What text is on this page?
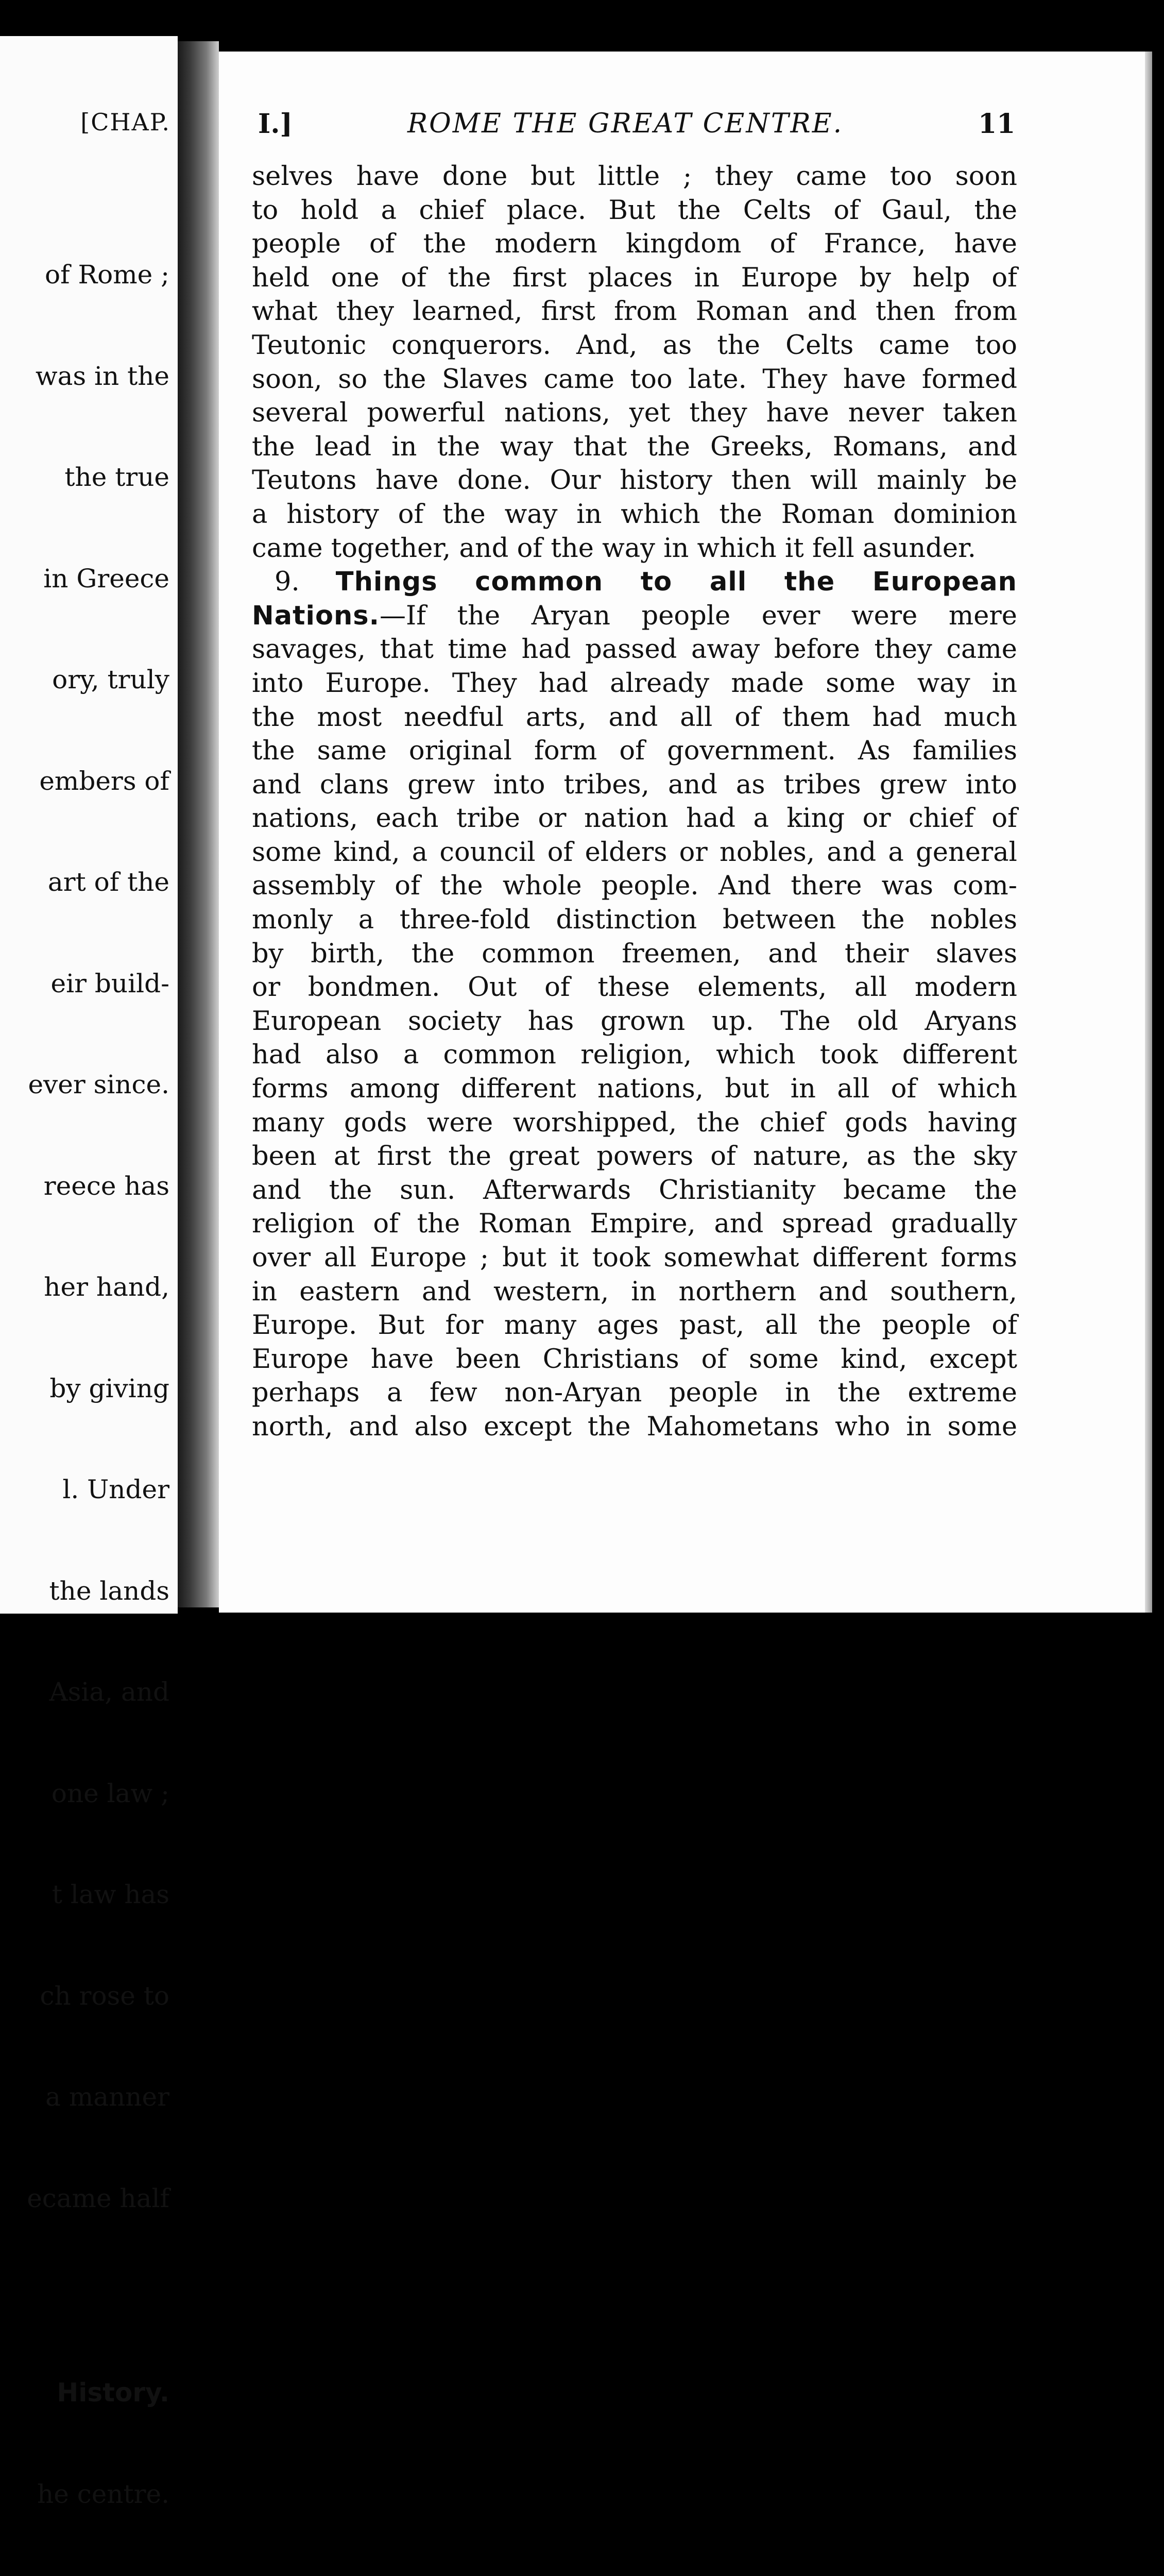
[CHAP.

of Rome ;

was in the

the true

in Greece

ory, truly

embers of

art of the

eir build-

ever since.

reece has

her hand,

by giving

l. Under

the lands

Asia, and

one law ;

t law has

ch rose to

a manner

ecame half

History.

he centre.

I.]	ROME THE GREAT CENTRE.	11
selves have done but little ; they came too soon
to hold a chief place. But the Celts of Gaul, the
people of the modern kingdom of France, have
held one of the first places in Europe by help of
what they learned, first from Roman and then from
Teutonic conquerors. And, as the Celts came too
soon, so the Slaves came too late. They have formed
several powerful nations, yet they have never taken
the lead in the way that the Greeks, Romans, and
Teutons have done. Our history then will mainly be
a history of the way in which the Roman dominion
came together, and of the way in which it fell asunder.
9. Things common to all the European
Nations.—If the Aryan people ever were mere
savages, that time had passed away before they came
into Europe. They had already made some way in
the most needful arts, and all of them had much
the same original form of government. As families
and clans grew into tribes, and as tribes grew into
nations, each tribe or nation had a king or chief of
some kind, a council of elders or nobles, and a general
assembly of the whole people. And there was com-
monly a three-fold distinction between the nobles
by birth, the common freemen, and their slaves
or bondmen. Out of these elements, all modern
European society has grown up. The old Aryans
had also a common religion, which took different
forms among different nations, but in all of which
many gods were worshipped, the chief gods having
been at first the great powers of nature, as the sky
and the sun. Afterwards Christianity became the
religion of the Roman Empire, and spread gradually
over all Europe ; but it took somewhat different forms
in eastern and western, in northern and southern,
Europe. But for many ages past, all the people of
Europe have been Christians of some kind, except
perhaps a few non-Aryan people in the extreme
north, and also except the Mahometans who in some
